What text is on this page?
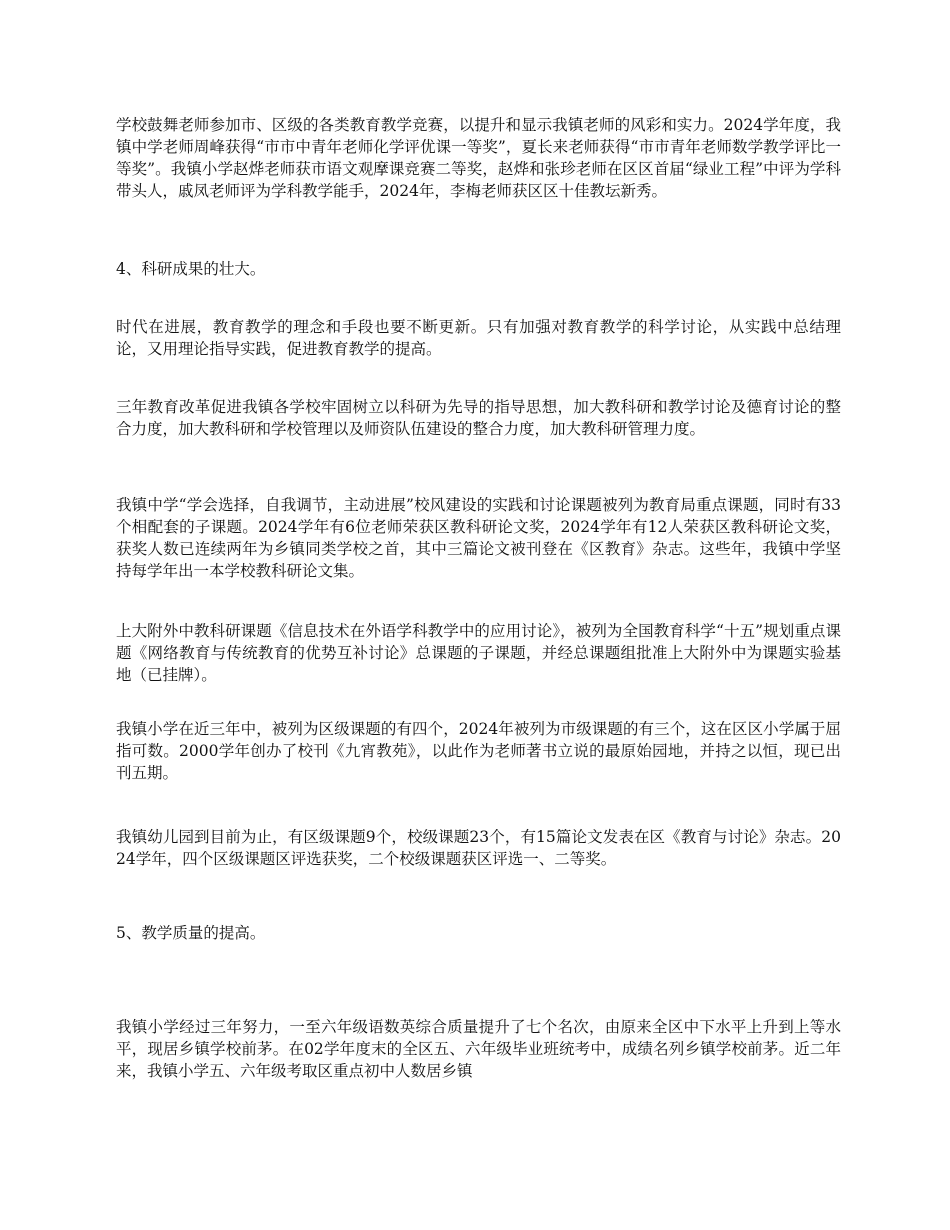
学校鼓舞老师参加市、区级的各类教育教学竞赛，以提升和显示我镇老师的风彩和实力。2024学年度，我镇中学老师周峰获得“市市中青年老师化学评优课一等奖”，夏长来老师获得“市市青年老师数学教学评比一等奖”。我镇小学赵烨老师获市语文观摩课竞赛二等奖，赵烨和张珍老师在区区首届“绿业工程”中评为学科带头人，戚凤老师评为学科教学能手，2024年，李梅老师获区区十佳教坛新秀。

4、科研成果的壮大。

时代在进展，教育教学的理念和手段也要不断更新。只有加强对教育教学的科学讨论，从实践中总结理论，又用理论指导实践，促进教育教学的提高。

三年教育改革促进我镇各学校牢固树立以科研为先导的指导思想，加大教科研和教学讨论及德育讨论的整合力度，加大教科研和学校管理以及师资队伍建设的整合力度，加大教科研管理力度。

我镇中学“学会选择，自我调节，主动进展”校风建设的实践和讨论课题被列为教育局重点课题，同时有33个相配套的子课题。2024学年有6位老师荣获区教科研论文奖，2024学年有12人荣获区教科研论文奖，获奖人数已连续两年为乡镇同类学校之首，其中三篇论文被刊登在《区教育》杂志。这些年，我镇中学坚持每学年出一本学校教科研论文集。

上大附外中教科研课题《信息技术在外语学科教学中的应用讨论》，被列为全国教育科学“十五”规划重点课题《网络教育与传统教育的优势互补讨论》总课题的子课题，并经总课题组批准上大附外中为课题实验基地（已挂牌）。

我镇小学在近三年中，被列为区级课题的有四个，2024年被列为市级课题的有三个，这在区区小学属于屈指可数。2000学年创办了校刊《九宵教苑》，以此作为老师著书立说的最原始园地，并持之以恒，现已出刊五期。

我镇幼儿园到目前为止，有区级课题9个，校级课题23个，有15篇论文发表在区《教育与讨论》杂志。2024学年，四个区级课题区评选获奖，二个校级课题获区评选一、二等奖。

5、教学质量的提高。

我镇小学经过三年努力，一至六年级语数英综合质量提升了七个名次，由原来全区中下水平上升到上等水平，现居乡镇学校前茅。在02学年度末的全区五、六年级毕业班统考中，成绩名列乡镇学校前茅。近二年来，我镇小学五、六年级考取区重点初中人数居乡镇
